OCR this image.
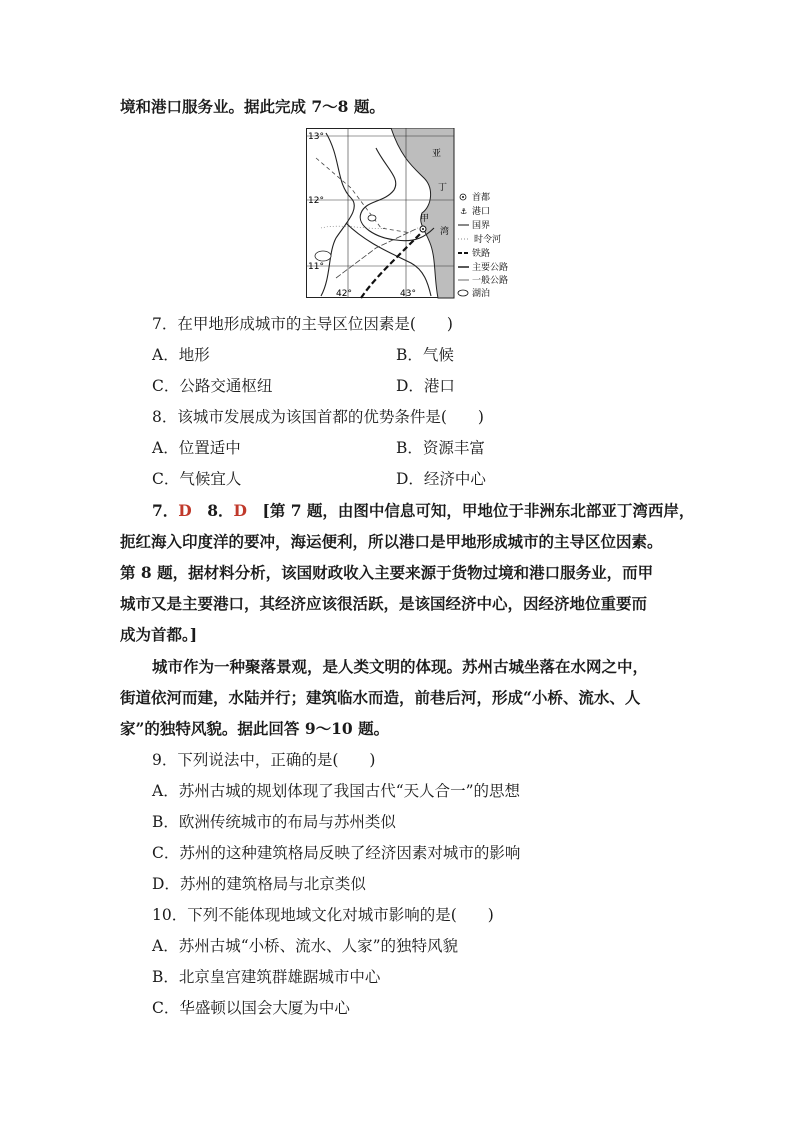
境和港口服务业。据此完成 7～8 题。
13°
12°
11°
42°	43°
亚
丁
湾
甲
首都
⚓ 港口
国界
时令河
铁路
主要公路
一般公路
湖泊
7．在甲地形成城市的主导区位因素是(　　)
A．地形	B．气候
C．公路交通枢纽	D．港口
8．该城市发展成为该国首都的优势条件是(　　)
A．位置适中	B．资源丰富
C．气候宜人	D．经济中心
7．D　8．D　[第 7 题，由图中信息可知，甲地位于非洲东北部亚丁湾西岸，
扼红海入印度洋的要冲，海运便利，所以港口是甲地形成城市的主导区位因素。
第 8 题，据材料分析，该国财政收入主要来源于货物过境和港口服务业，而甲
城市又是主要港口，其经济应该很活跃，是该国经济中心，因经济地位重要而
成为首都。]
城市作为一种聚落景观，是人类文明的体现。苏州古城坐落在水网之中，
街道依河而建，水陆并行；建筑临水而造，前巷后河，形成“小桥、流水、人
家”的独特风貌。据此回答 9～10 题。
9．下列说法中，正确的是(　　)
A．苏州古城的规划体现了我国古代“天人合一”的思想
B．欧洲传统城市的布局与苏州类似
C．苏州的这种建筑格局反映了经济因素对城市的影响
D．苏州的建筑格局与北京类似
10．下列不能体现地域文化对城市影响的是(　　)
A．苏州古城“小桥、流水、人家”的独特风貌
B．北京皇宫建筑群雄踞城市中心
C．华盛顿以国会大厦为中心
